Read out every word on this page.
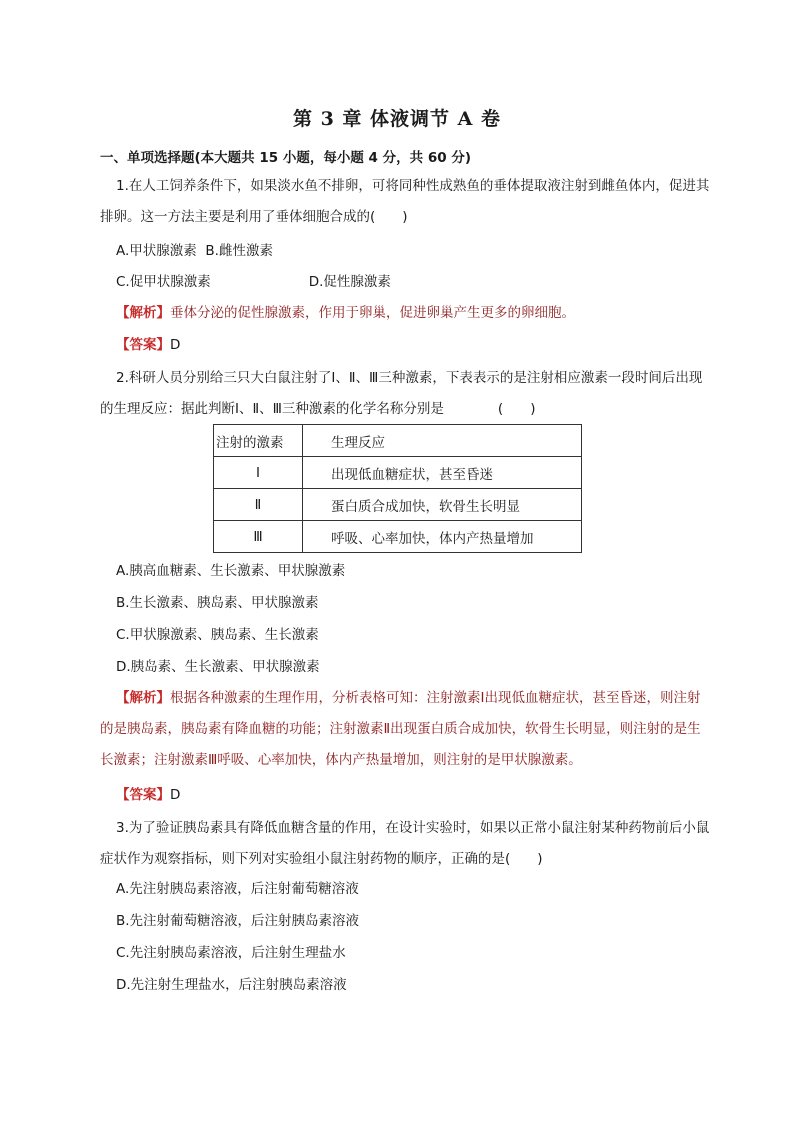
第 3 章 体液调节 A 卷
一、单项选择题(本大题共 15 小题，每小题 4 分，共 60 分)
1.在人工饲养条件下，如果淡水鱼不排卵，可将同种性成熟鱼的垂体提取液注射到雌鱼体内，促进其排卵。这一方法主要是利用了垂体细胞合成的(　　)
A.甲状腺激素 B.雌性激素
C.促甲状腺激素	D.促性腺激素
【解析】垂体分泌的促性腺激素，作用于卵巢，促进卵巢产生更多的卵细胞。
【答案】D
2.科研人员分别给三只大白鼠注射了Ⅰ、Ⅱ、Ⅲ三种激素，下表表示的是注射相应激素一段时间后出现的生理反应：据此判断Ⅰ、Ⅱ、Ⅲ三种激素的化学名称分别是　　　　(　　)
注射的激素	生理反应
Ⅰ	出现低血糖症状，甚至昏迷
Ⅱ	蛋白质合成加快，软骨生长明显
Ⅲ	呼吸、心率加快，体内产热量增加
A.胰高血糖素、生长激素、甲状腺激素
B.生长激素、胰岛素、甲状腺激素
C.甲状腺激素、胰岛素、生长激素
D.胰岛素、生长激素、甲状腺激素
【解析】根据各种激素的生理作用，分析表格可知：注射激素Ⅰ出现低血糖症状，甚至昏迷，则注射的是胰岛素，胰岛素有降血糖的功能；注射激素Ⅱ出现蛋白质合成加快，软骨生长明显，则注射的是生长激素；注射激素Ⅲ呼吸、心率加快，体内产热量增加，则注射的是甲状腺激素。
【答案】D
3.为了验证胰岛素具有降低血糖含量的作用，在设计实验时，如果以正常小鼠注射某种药物前后小鼠症状作为观察指标，则下列对实验组小鼠注射药物的顺序，正确的是(　　)
A.先注射胰岛素溶液，后注射葡萄糖溶液
B.先注射葡萄糖溶液，后注射胰岛素溶液
C.先注射胰岛素溶液，后注射生理盐水
D.先注射生理盐水，后注射胰岛素溶液
